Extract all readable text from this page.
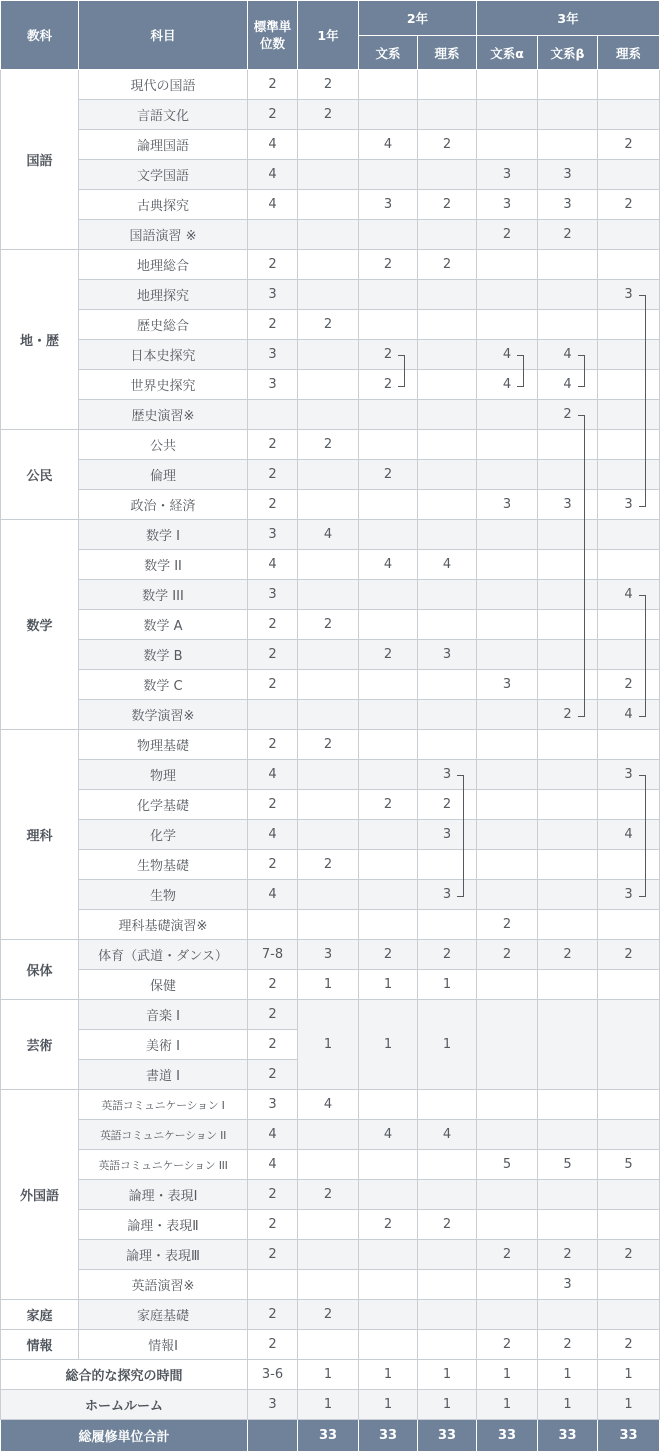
教科	科目	標準単位数	1年	2年		3年		
				文系	理系	文系α	文系β	理系
国語	現代の国語	2	2					
	言語文化	2	2					
	論理国語	4		4	2			2
	文学国語	4				3	3	
	古典探究	4		3	2	3	3	2
	国語演習 ※					2	2	
地・歴	地理総合	2		2	2			
	地理探究	3						3
	歴史総合	2	2					
	日本史探究	3		2		4	4	
	世界史探究	3		2		4	4	
	歴史演習※						2	
公民	公共	2	2					
	倫理	2		2				
	政治・経済	2				3	3	3
数学	数学 I	3	4					
	数学 II	4		4	4			
	数学 III	3						4
	数学 A	2	2					
	数学 B	2		2	3			
	数学 C	2				3		2
	数学演習※						2	4
理科	物理基礎	2	2					
	物理	4			3			3
	化学基礎	2		2	2			
	化学	4			3			4
	生物基礎	2	2					
	生物	4			3			3
	理科基礎演習※					2		
保体	体育（武道・ダンス）	7-8	3	2	2	2	2	2
	保健	2	1	1	1			
芸術	音楽 I	2	1	1	1			
	美術 I	2						
	書道 I	2						
外国語	英語コミュニケーション I	3	4					
	英語コミュニケーション II	4		4	4			
	英語コミュニケーション III	4				5	5	5
	論理・表現Ⅰ	2	2					
	論理・表現Ⅱ	2		2	2			
	論理・表現Ⅲ	2				2	2	2
	英語演習※						3	
家庭	家庭基礎	2	2					
情報	情報Ⅰ	2				2	2	2
総合的な探究の時間		3-6	1	1	1	1	1	1
ホームルーム		3	1	1	1	1	1	1
総履修単位合計			33	33	33	33	33	33
